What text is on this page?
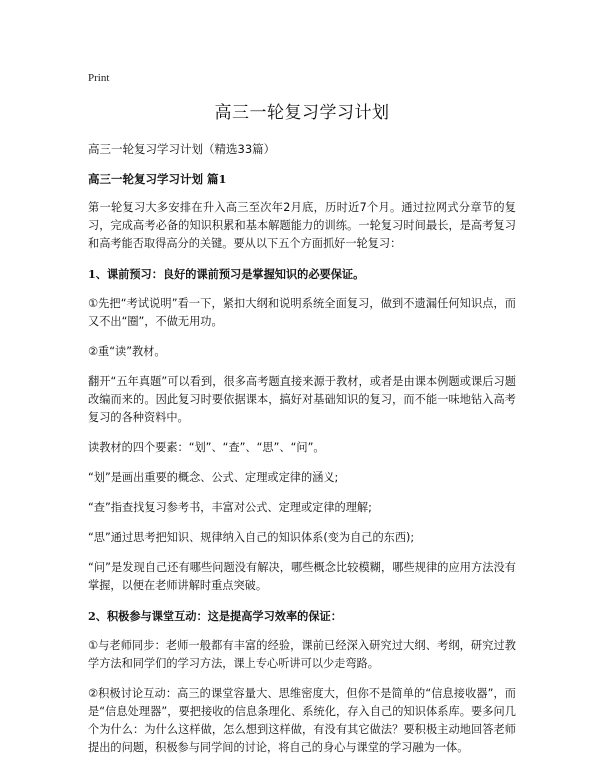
Print
高三一轮复习学习计划
高三一轮复习学习计划（精选33篇）
高三一轮复习学习计划 篇1

第一轮复习大多安排在升入高三至次年2月底，历时近7个月。通过拉网式分章节的复习，完成高考必备的知识积累和基本解题能力的训练。一轮复习时间最长，是高考复习和高考能否取得高分的关键。要从以下五个方面抓好一轮复习：

1、课前预习：良好的课前预习是掌握知识的必要保证。

①先把“考试说明”看一下，紧扣大纲和说明系统全面复习，做到不遗漏任何知识点，而又不出“圈”，不做无用功。

②重“读”教材。

翻开“五年真题”可以看到，很多高考题直接来源于教材，或者是由课本例题或课后习题改编而来的。因此复习时要依据课本，搞好对基础知识的复习，而不能一味地钻入高考复习的各种资料中。

读教材的四个要素：“划”、“查”、“思”、“问”。

“划”是画出重要的概念、公式、定理或定律的涵义;

“查”指查找复习参考书，丰富对公式、定理或定律的理解;

“思”通过思考把知识、规律纳入自己的知识体系(变为自己的东西);

“问”是发现自己还有哪些问题没有解决，哪些概念比较模糊，哪些规律的应用方法没有掌握，以便在老师讲解时重点突破。

2、积极参与课堂互动：这是提高学习效率的保证：

①与老师同步：老师一般都有丰富的经验，课前已经深入研究过大纲、考纲，研究过教学方法和同学们的学习方法，课上专心听讲可以少走弯路。

②积极讨论互动：高三的课堂容量大、思维密度大，但你不是简单的“信息接收器”，而是“信息处理器”，要把接收的信息条理化、系统化，存入自己的知识体系库。要多问几个为什么：为什么这样做，怎么想到这样做，有没有其它做法？要积极主动地回答老师提出的问题，积极参与同学间的讨论，将自己的身心与课堂的学习融为一体。
